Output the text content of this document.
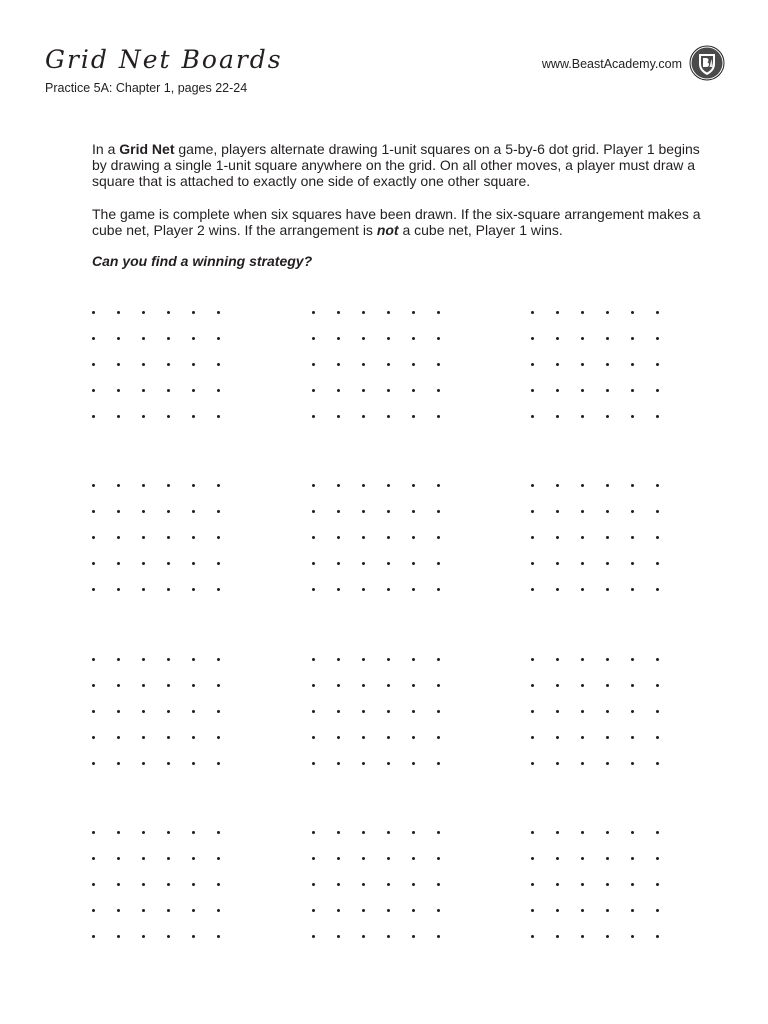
Grid Net Boards

Practice 5A: Chapter 1, pages 22-24

www.BeastAcademy.com

In a Grid Net game, players alternate drawing 1-unit squares on a 5-by-6 dot grid. Player 1 begins by drawing a single 1-unit square anywhere on the grid. On all other moves, a player must draw a square that is attached to exactly one side of exactly one other square.

The game is complete when six squares have been drawn. If the six-square arrangement makes a cube net, Player 2 wins. If the arrangement is not a cube net, Player 1 wins.

Can you find a winning strategy?
